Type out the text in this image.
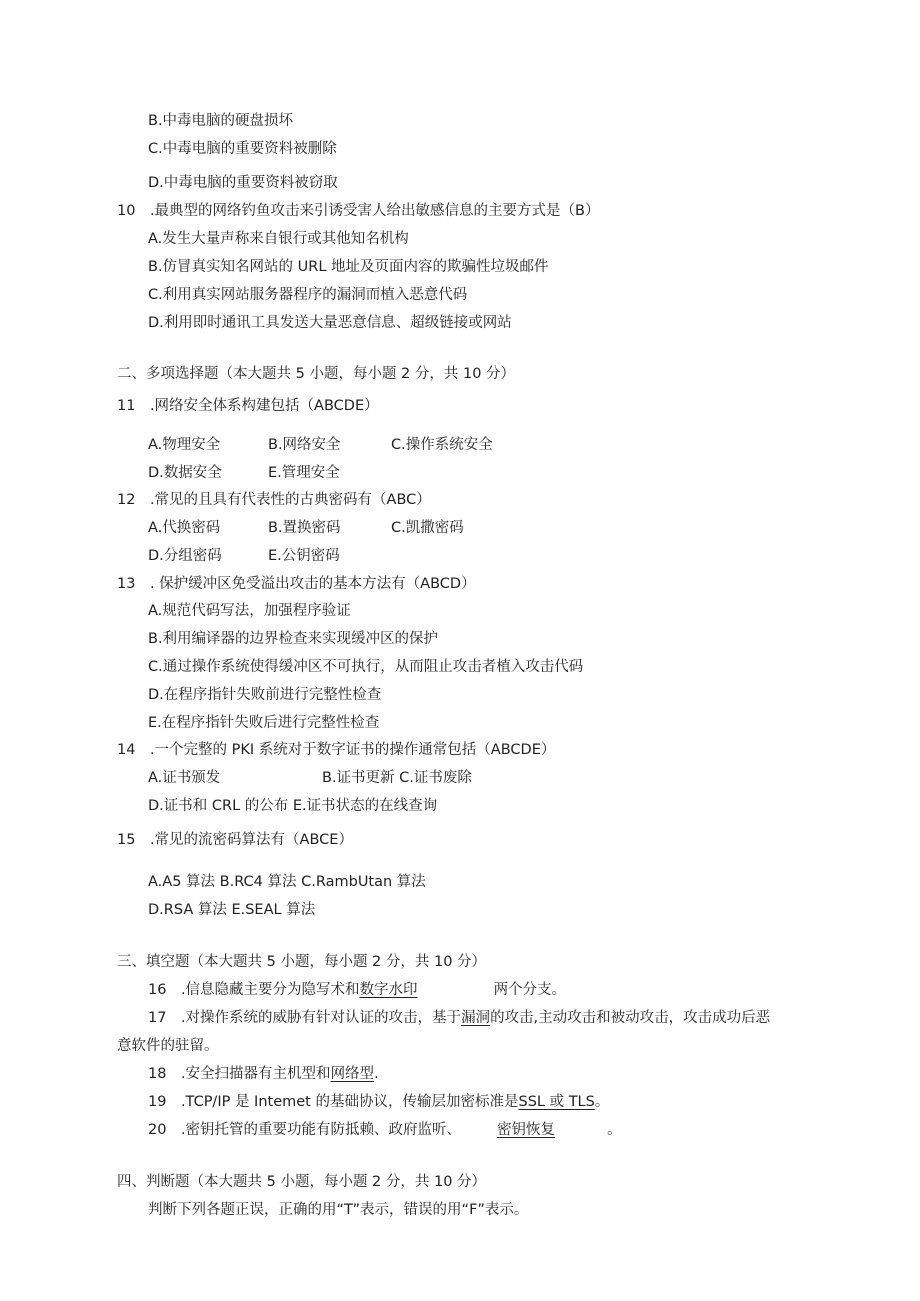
B.中毒电脑的硬盘损坏
C.中毒电脑的重要资料被删除
D.中毒电脑的重要资料被窃取
10　.最典型的网络钓鱼攻击来引诱受害人给出敏感信息的主要方式是（B）
A.发生大量声称来自银行或其他知名机构
B.仿冒真实知名网站的 URL 地址及页面内容的欺骗性垃圾邮件
C.利用真实网站服务器程序的漏洞而植入恶意代码
D.利用即时通讯工具发送大量恶意信息、超级链接或网站
二、多项选择题（本大题共 5 小题，每小题 2 分，共 10 分）
11　.网络安全体系构建包括（ABCDE）
A.物理安全	B.网络安全	C.操作系统安全
D.数据安全	E.管理安全
12　.常见的且具有代表性的古典密码有（ABC）
A.代换密码	B.置换密码	C.凯撒密码
D.分组密码	E.公钥密码
13　. 保护缓冲区免受溢出攻击的基本方法有（ABCD）
A.规范代码写法，加强程序验证
B.利用编译器的边界检查来实现缓冲区的保护
C.通过操作系统使得缓冲区不可执行，从而阻止攻击者植入攻击代码
D.在程序指针失败前进行完整性检查
E.在程序指针失败后进行完整性检查
14　.一个完整的 PKI 系统对于数字证书的操作通常包括（ABCDE）
A.证书颁发	B.证书更新 C.证书废除
D.证书和 CRL 的公布 E.证书状态的在线查询
15　.常见的流密码算法有（ABCE）
A.A5 算法 B.RC4 算法 C.RambUtan 算法
D.RSA 算法 E.SEAL 算法
三、填空题（本大题共 5 小题，每小题 2 分，共 10 分）
16　.信息隐藏主要分为隐写术和数字水印	两个分支。
17　.对操作系统的威胁有针对认证的攻击，基于漏洞的攻击,主动攻击和被动攻击，攻击成功后恶
意软件的驻留。
18　.安全扫描器有主机型和网络型.
19　.TCP/IP 是 Intemet 的基础协议，传输层加密标准是SSL 或 TLS。
20　.密钥托管的重要功能有防抵赖、政府监听、 密钥恢复	。
四、判断题（本大题共 5 小题，每小题 2 分，共 10 分）
判断下列各题正误，正确的用“T”表示，错误的用“F”表示。
